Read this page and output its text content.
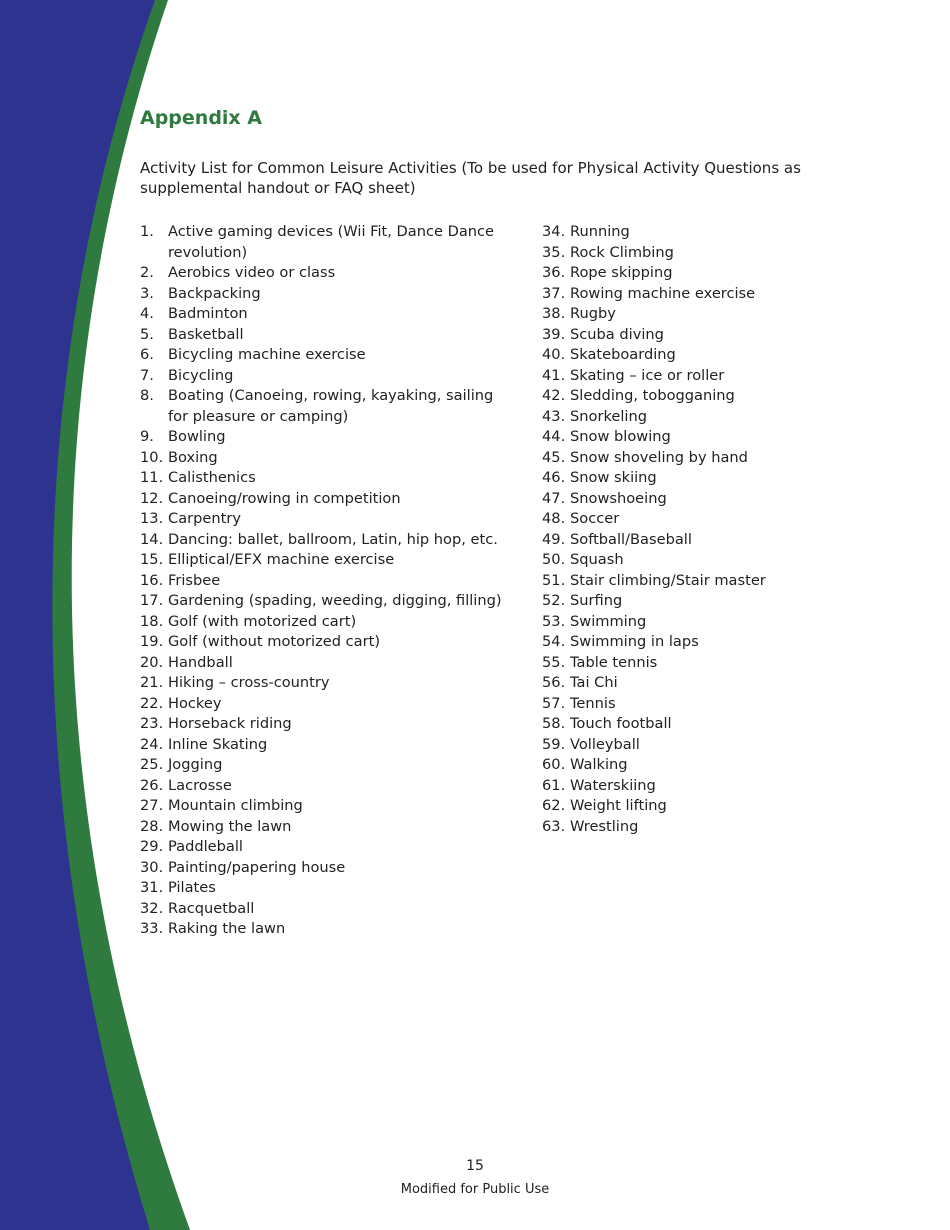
Appendix A

Activity List for Common Leisure Activities (To be used for Physical Activity Questions as supplemental handout or FAQ sheet)

1. Active gaming devices (Wii Fit, Dance Dance revolution)
2. Aerobics video or class
3. Backpacking
4. Badminton
5. Basketball
6. Bicycling machine exercise
7. Bicycling
8. Boating (Canoeing, rowing, kayaking, sailing for pleasure or camping)
9. Bowling
10. Boxing
11. Calisthenics
12. Canoeing/rowing in competition
13. Carpentry
14. Dancing: ballet, ballroom, Latin, hip hop, etc.
15. Elliptical/EFX machine exercise
16. Frisbee
17. Gardening (spading, weeding, digging, filling)
18. Golf (with motorized cart)
19. Golf (without motorized cart)
20. Handball
21. Hiking – cross-country
22. Hockey
23. Horseback riding
24. Inline Skating
25. Jogging
26. Lacrosse
27. Mountain climbing
28. Mowing the lawn
29. Paddleball
30. Painting/papering house
31. Pilates
32. Racquetball
33. Raking the lawn
34. Running
35. Rock Climbing
36. Rope skipping
37. Rowing machine exercise
38. Rugby
39. Scuba diving
40. Skateboarding
41. Skating – ice or roller
42. Sledding, tobogganing
43. Snorkeling
44. Snow blowing
45. Snow shoveling by hand
46. Snow skiing
47. Snowshoeing
48. Soccer
49. Softball/Baseball
50. Squash
51. Stair climbing/Stair master
52. Surfing
53. Swimming
54. Swimming in laps
55. Table tennis
56. Tai Chi
57. Tennis
58. Touch football
59. Volleyball
60. Walking
61. Waterskiing
62. Weight lifting
63. Wrestling
15
Modified for Public Use
